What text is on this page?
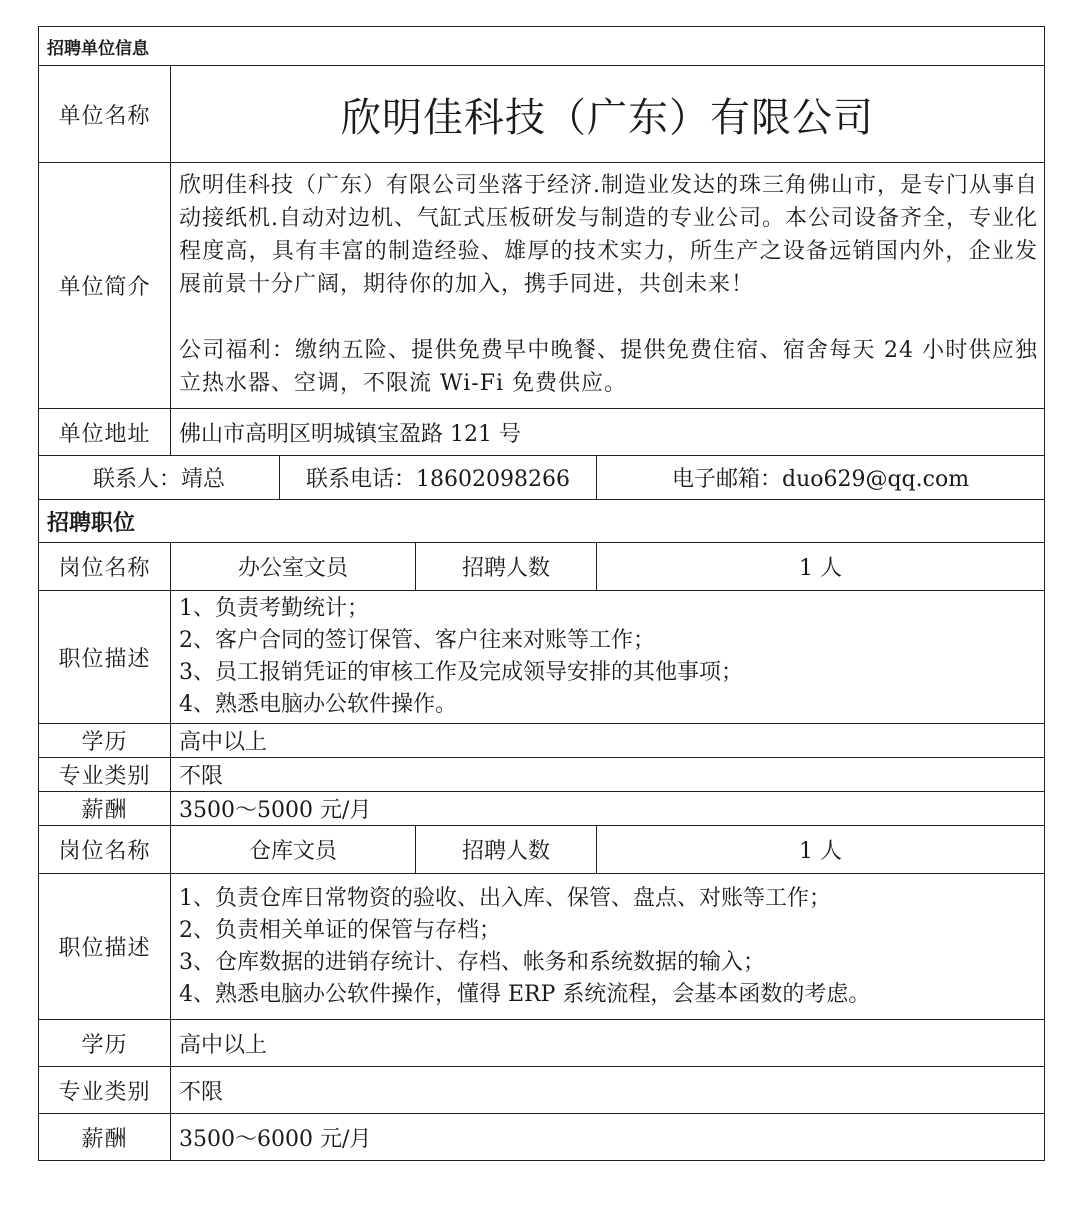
招聘单位信息				
单位名称	欣明佳科技（广东）有限公司			
单位简介	欣明佳科技（广东）有限公司坐落于经济.制造业发达的珠三角佛山市，是专门从事自动接纸机.自动对边机、气缸式压板研发与制造的专业公司。本公司设备齐全，专业化程度高，具有丰富的制造经验、雄厚的技术实力，所生产之设备远销国内外，企业发展前景十分广阔，期待你的加入，携手同进，共创未来！

公司福利：缴纳五险、提供免费早中晚餐、提供免费住宿、宿舍每天 24 小时供应独立热水器、空调，不限流 Wi-Fi 免费供应。			

单位地址	佛山市高明区明城镇宝盈路 121 号			
联系人：靖总		联系电话：18602098266		电子邮箱：duo629@qq.com
招聘职位				
岗位名称	办公室文员		招聘人数	1 人
职位描述	1、负责考勤统计；
2、客户合同的签订保管、客户往来对账等工作；
3、员工报销凭证的审核工作及完成领导安排的其他事项；
4、熟悉电脑办公软件操作。			

学历	高中以上			
专业类别	不限			
薪酬	3500～5000 元/月			
岗位名称	仓库文员		招聘人数	1 人
职位描述	1、负责仓库日常物资的验收、出入库、保管、盘点、对账等工作；
2、负责相关单证的保管与存档；
3、仓库数据的进销存统计、存档、帐务和系统数据的输入；
4、熟悉电脑办公软件操作，懂得 ERP 系统流程，会基本函数的考虑。			

学历	高中以上			
专业类别	不限			
薪酬	3500～6000 元/月			
